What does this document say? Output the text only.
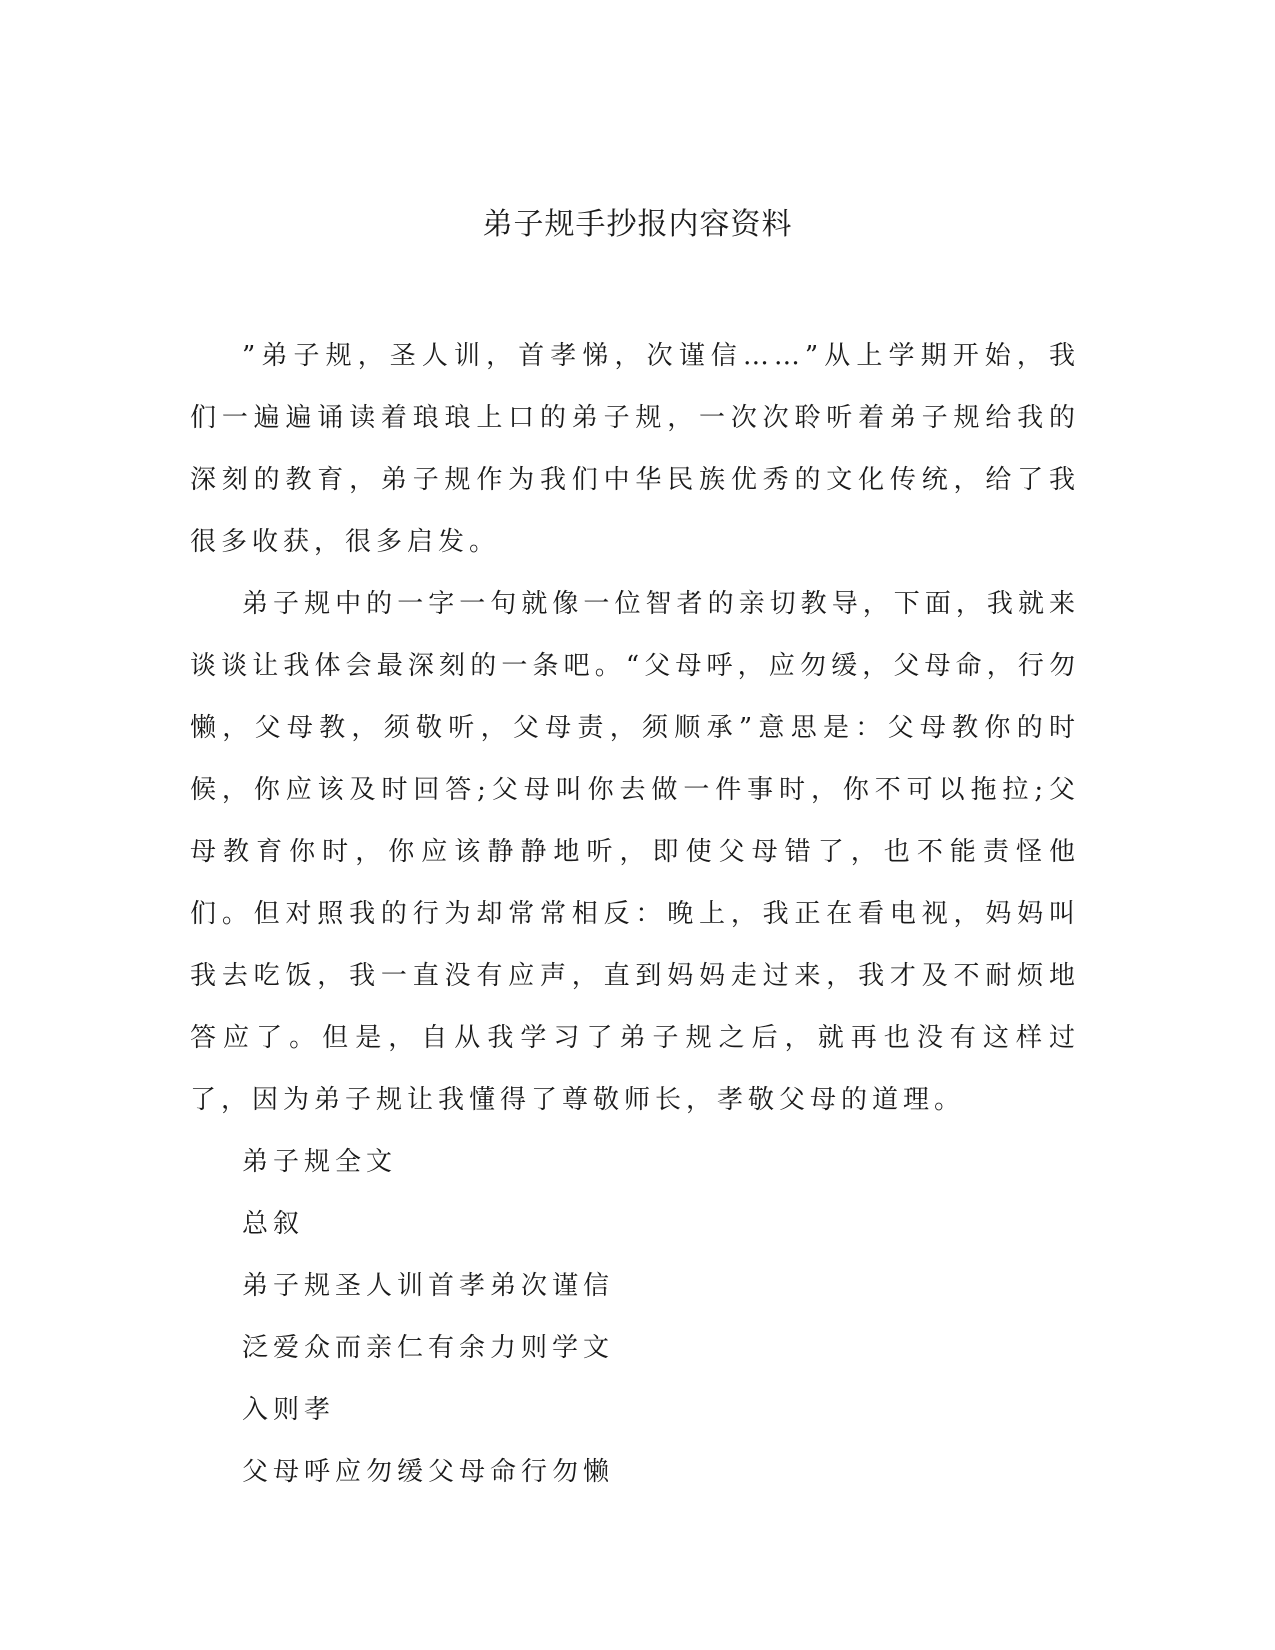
弟子规手抄报内容资料

”弟子规，圣人训，首孝悌，次谨信……”从上学期开始，我们一遍遍诵读着琅琅上口的弟子规，一次次聆听着弟子规给我的深刻的教育，弟子规作为我们中华民族优秀的文化传统，给了我很多收获，很多启发。

弟子规中的一字一句就像一位智者的亲切教导，下面，我就来谈谈让我体会最深刻的一条吧。“父母呼，应勿缓，父母命，行勿懒，父母教，须敬听，父母责，须顺承”意思是：父母教你的时候，你应该及时回答;父母叫你去做一件事时，你不可以拖拉;父母教育你时，你应该静静地听，即使父母错了，也不能责怪他们。但对照我的行为却常常相反：晚上，我正在看电视，妈妈叫我去吃饭，我一直没有应声，直到妈妈走过来，我才及不耐烦地答应了。但是，自从我学习了弟子规之后，就再也没有这样过了，因为弟子规让我懂得了尊敬师长，孝敬父母的道理。

弟子规全文

总叙

弟子规圣人训首孝弟次谨信

泛爱众而亲仁有余力则学文

入则孝

父母呼应勿缓父母命行勿懒
